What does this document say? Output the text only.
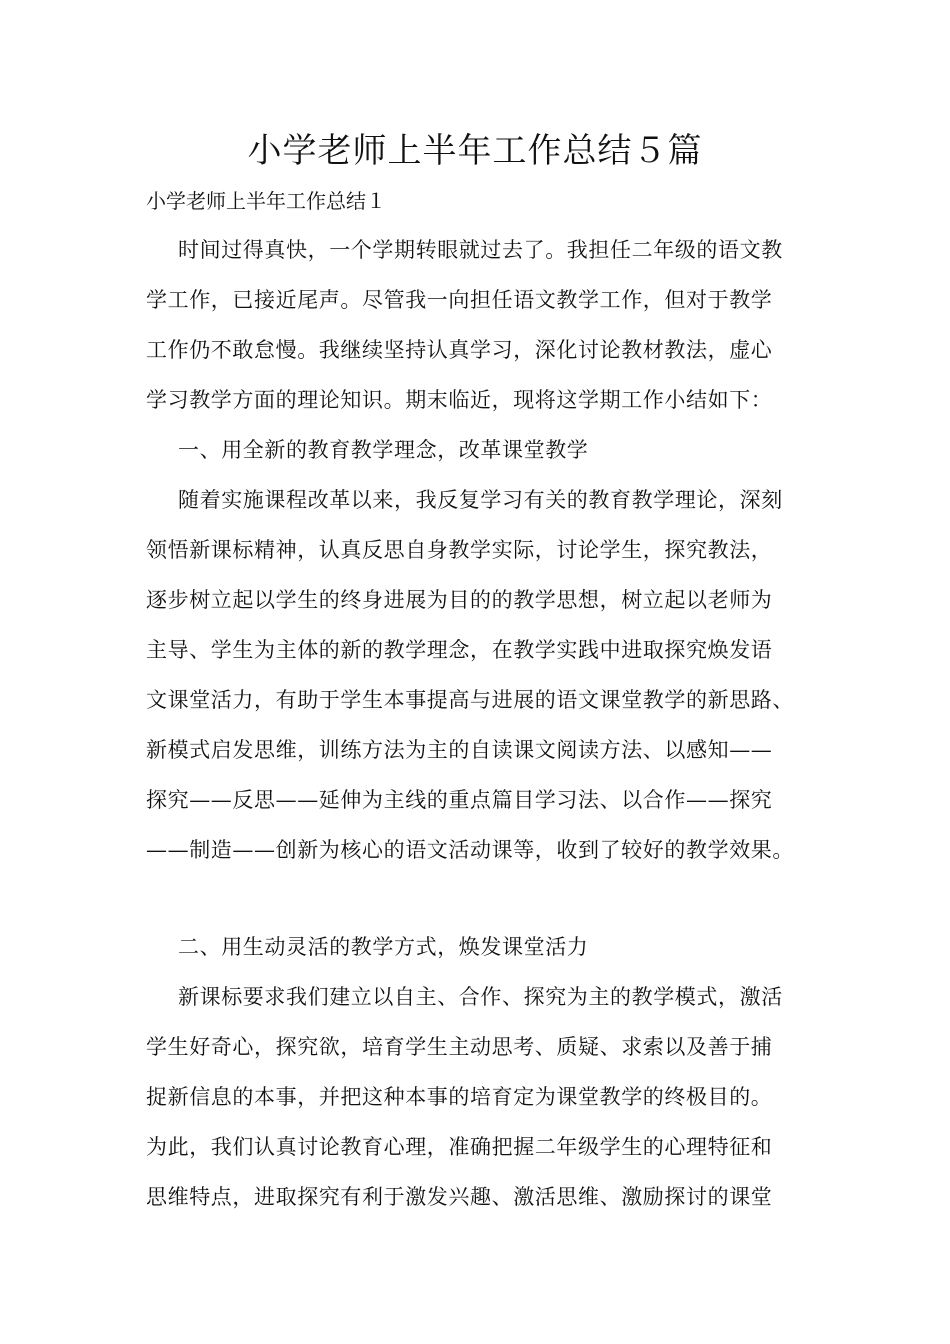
小学老师上半年工作总结５篇
小学老师上半年工作总结１
时间过得真快，一个学期转眼就过去了。我担任二年级的语文教
学工作，已接近尾声。尽管我一向担任语文教学工作，但对于教学
工作仍不敢怠慢。我继续坚持认真学习，深化讨论教材教法，虚心
学习教学方面的理论知识。期末临近，现将这学期工作小结如下：
一、用全新的教育教学理念，改革课堂教学
随着实施课程改革以来，我反复学习有关的教育教学理论，深刻
领悟新课标精神，认真反思自身教学实际，讨论学生，探究教法，
逐步树立起以学生的终身进展为目的的教学思想，树立起以老师为
主导、学生为主体的新的教学理念，在教学实践中进取探究焕发语
文课堂活力，有助于学生本事提高与进展的语文课堂教学的新思路、
新模式启发思维，训练方法为主的自读课文阅读方法、以感知——
探究——反思——延伸为主线的重点篇目学习法、以合作——探究
——制造——创新为核心的语文活动课等，收到了较好的教学效果。
二、用生动灵活的教学方式，焕发课堂活力
新课标要求我们建立以自主、合作、探究为主的教学模式，激活
学生好奇心，探究欲，培育学生主动思考、质疑、求索以及善于捕
捉新信息的本事，并把这种本事的培育定为课堂教学的终极目的。
为此，我们认真讨论教育心理，准确把握二年级学生的心理特征和
思维特点，进取探究有利于激发兴趣、激活思维、激励探讨的课堂
